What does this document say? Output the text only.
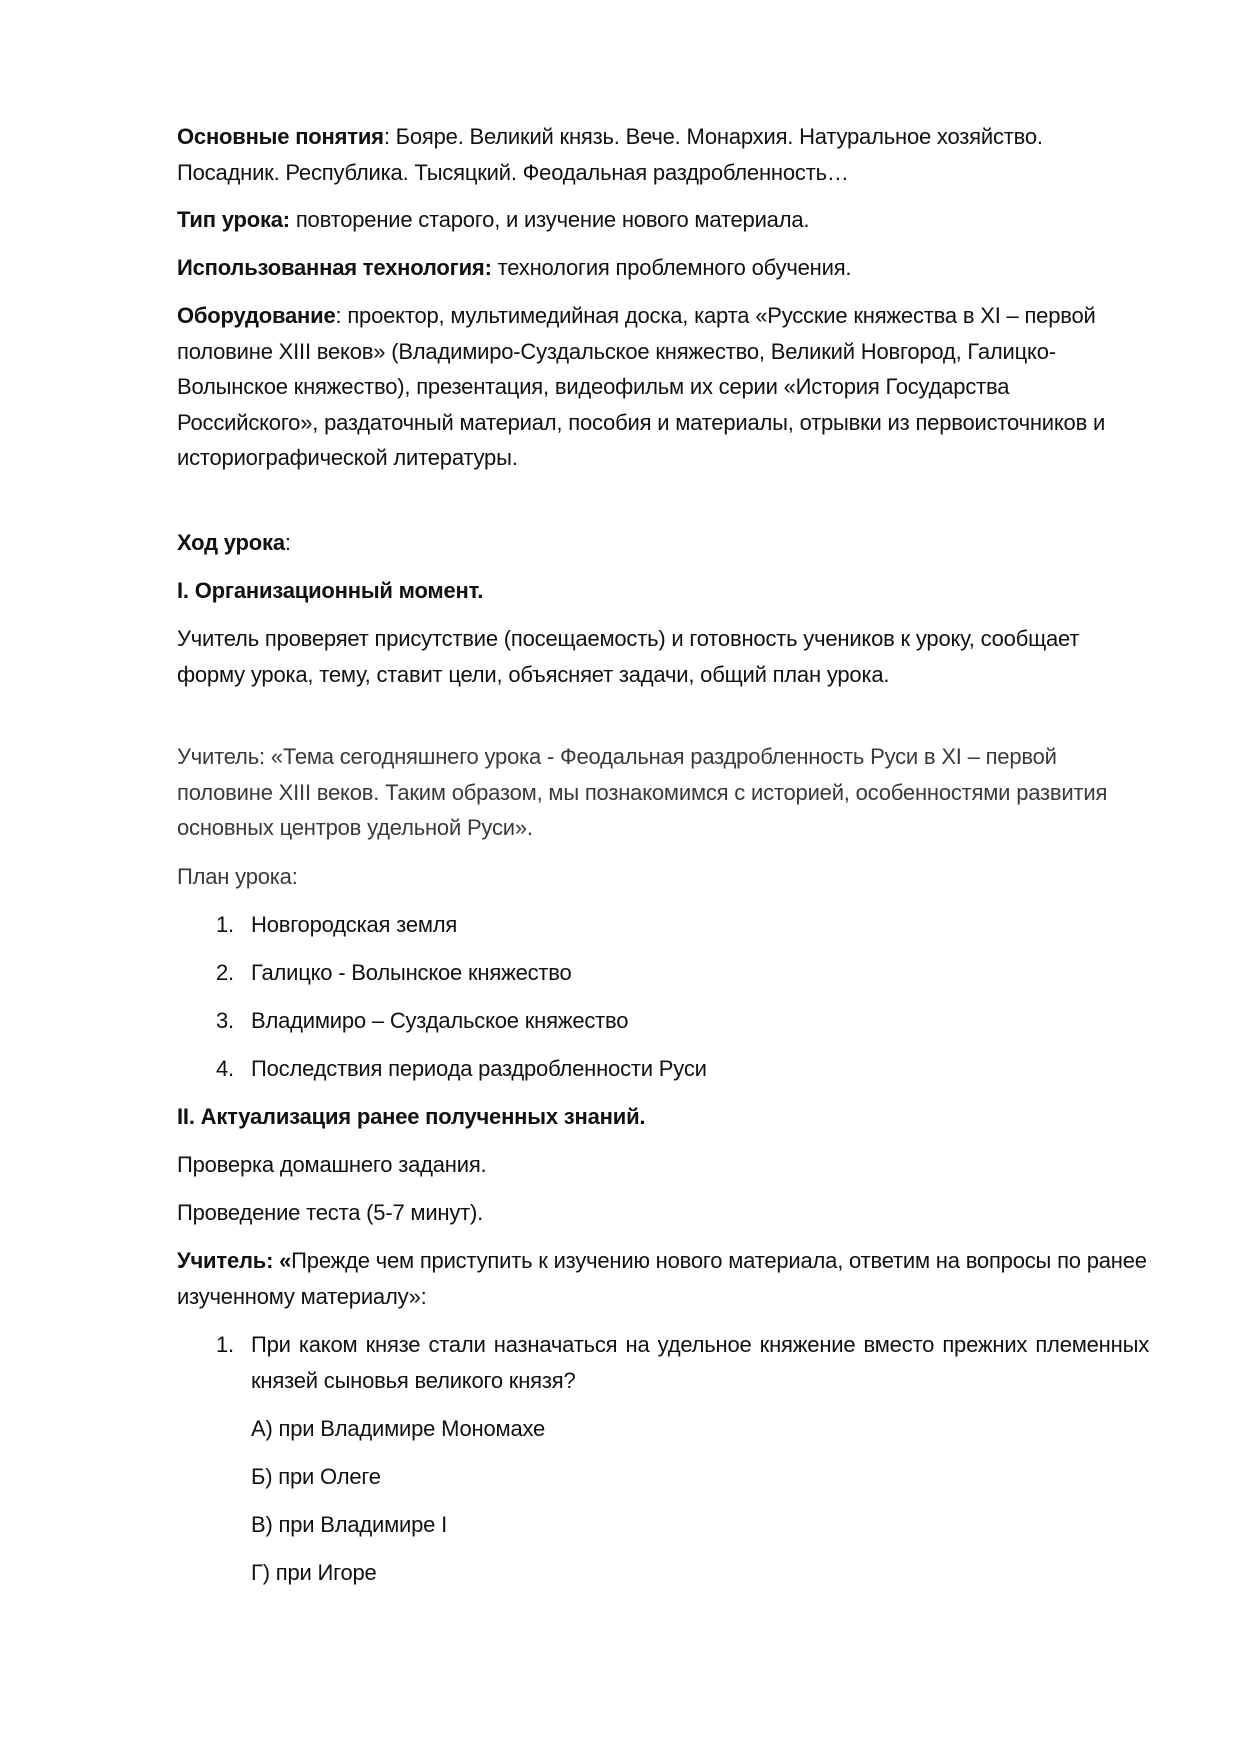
Основные понятия: Бояре. Великий князь. Вече. Монархия. Натуральное хозяйство. Посадник. Республика. Тысяцкий. Феодальная раздробленность…

Тип урока: повторение старого, и изучение нового материала.

Использованная технология: технология проблемного обучения.

Оборудование: проектор, мультимедийная доска, карта «Русские княжества в XI – первой половине XIII веков» (Владимиро-Суздальское княжество, Великий Новгород, Галицко-Волынское княжество), презентация, видеофильм их серии «История Государства Российского», раздаточный материал, пособия и материалы, отрывки из первоисточников и историографической литературы.

Ход урока:

I. Организационный момент.

Учитель проверяет присутствие (посещаемость) и готовность учеников к уроку, сообщает форму урока, тему, ставит цели, объясняет задачи, общий план урока.

Учитель: «Тема сегодняшнего урока - Феодальная раздробленность Руси в XI – первой половине XIII веков. Таким образом, мы познакомимся с историей, особенностями развития основных центров удельной Руси».

План урока:

1. Новгородская земля
2. Галицко - Волынское княжество
3. Владимиро – Суздальское княжество
4. Последствия периода раздробленности Руси

II. Актуализация ранее полученных знаний.

Проверка домашнего задания.

Проведение теста (5-7 минут).

Учитель: «Прежде чем приступить к изучению нового материала, ответим на вопросы по ранее изученному материалу»:

1. При каком князе стали назначаться на удельное княжение вместо прежних племенных князей сыновья великого князя?
А) при Владимире Мономахе
Б) при Олеге
В) при Владимире I
Г) при Игоре
